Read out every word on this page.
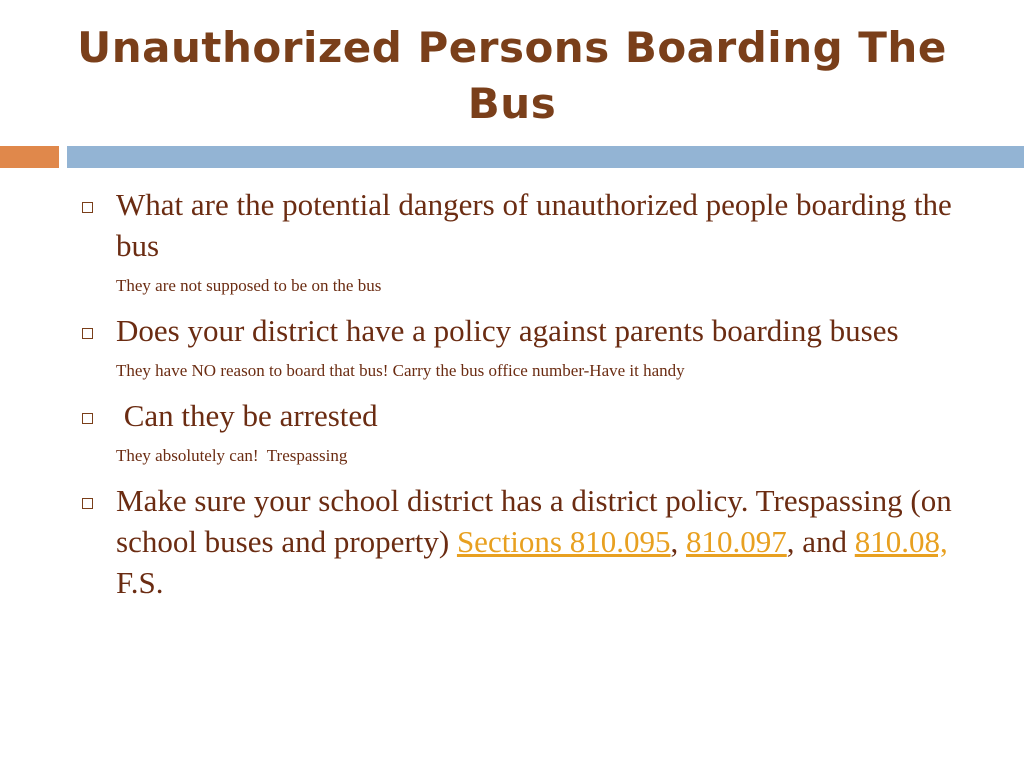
Unauthorized Persons Boarding The Bus
What are the potential dangers of unauthorized people boarding the bus
They are not supposed to be on the bus
Does your district have a policy against parents boarding buses
They have NO reason to board that bus! Carry the bus office number-Have it handy
Can they be arrested
They absolutely can!  Trespassing
Make sure your school district has a district policy. Trespassing (on school buses and property) Sections 810.095, 810.097, and 810.08, F.S.
